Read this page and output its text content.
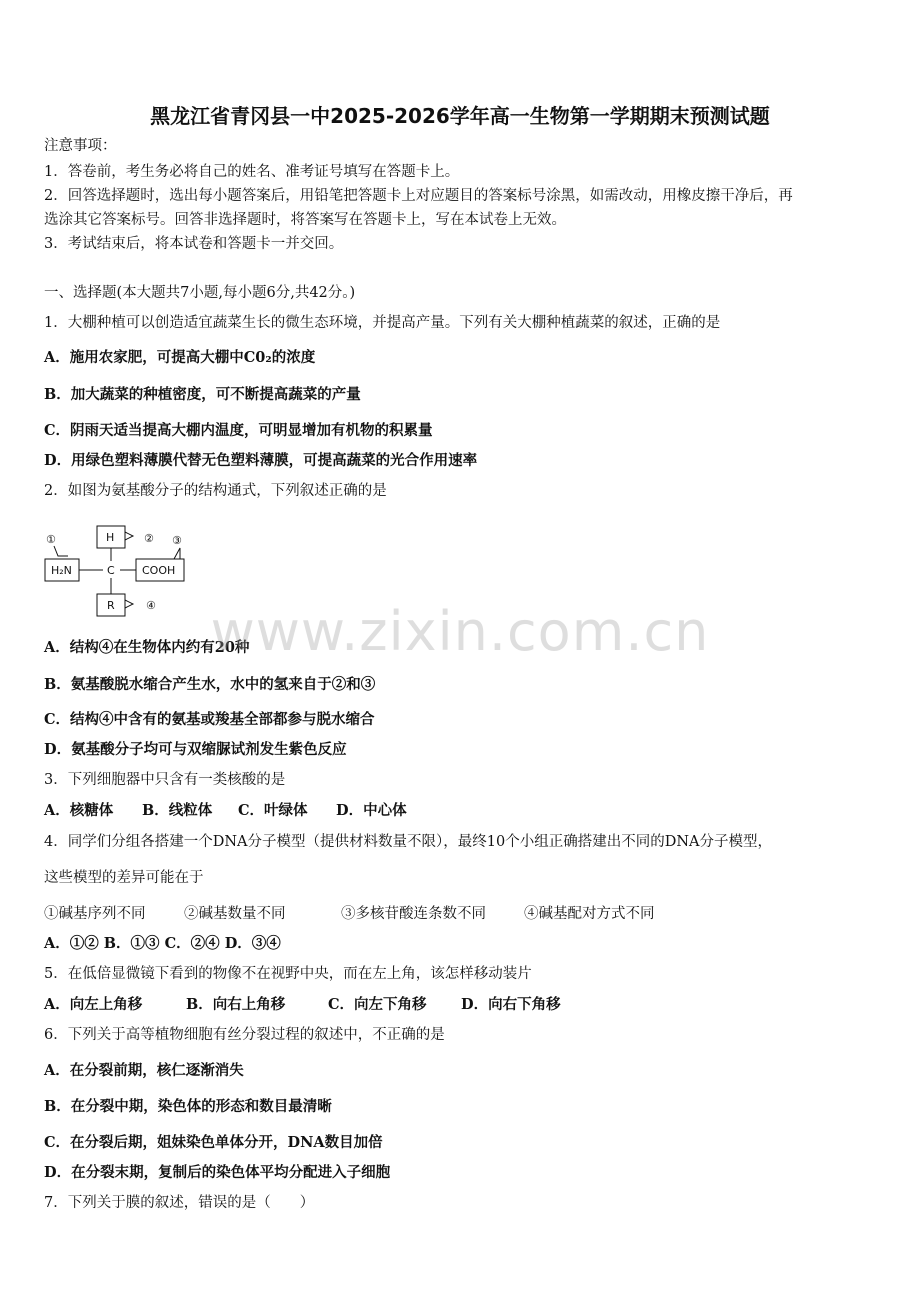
黑龙江省青冈县一中2025-2026学年高一生物第一学期期末预测试题
注意事项：
1．答卷前，考生务必将自己的姓名、准考证号填写在答题卡上。
2．回答选择题时，选出每小题答案后，用铅笔把答题卡上对应题目的答案标号涂黑，如需改动，用橡皮擦干净后，再
选涂其它答案标号。回答非选择题时，将答案写在答题卡上，写在本试卷上无效。
3．考试结束后，将本试卷和答题卡一并交回。
一、选择题(本大题共7小题,每小题6分,共42分。)
1．大棚种植可以创造适宜蔬菜生长的微生态环境，并提高产量。下列有关大棚种植蔬菜的叙述，正确的是
A．施用农家肥，可提高大棚中C0₂的浓度
B．加大蔬菜的种植密度，可不断提高蔬菜的产量
C．阴雨天适当提高大棚内温度，可明显增加有机物的积累量
D．用绿色塑料薄膜代替无色塑料薄膜，可提高蔬菜的光合作用速率
2．如图为氨基酸分子的结构通式，下列叙述正确的是
①
H₂N	C
H	②
COOH
③
R	④
A．结构④在生物体内约有20种
B．氨基酸脱水缩合产生水，水中的氢来自于②和③
C．结构④中含有的氨基或羧基全部都参与脱水缩合
D．氨基酸分子均可与双缩脲试剂发生紫色反应
3．下列细胞器中只含有一类核酸的是
A．核糖体 B．线粒体 C．叶绿体 D．中心体
4．同学们分组各搭建一个DNA分子模型（提供材料数量不限），最终10个小组正确搭建出不同的DNA分子模型，
这些模型的差异可能在于
①碱基序列不同	②碱基数量不同	③多核苷酸连条数不同	④碱基配对方式不同
A．①② B．①③ C．②④ D．③④
5．在低倍显微镜下看到的物像不在视野中央，而在左上角，该怎样移动装片
A．向左上角移	B．向右上角移	C．向左下角移 D．向右下角移
6．下列关于高等植物细胞有丝分裂过程的叙述中，不正确的是
A．在分裂前期，核仁逐渐消失
B．在分裂中期，染色体的形态和数目最清晰
C．在分裂后期，姐妹染色单体分开，DNA数目加倍
D．在分裂末期，复制后的染色体平均分配进入子细胞
7．下列关于膜的叙述，错误的是（　　）
www.zixin.com.cn
